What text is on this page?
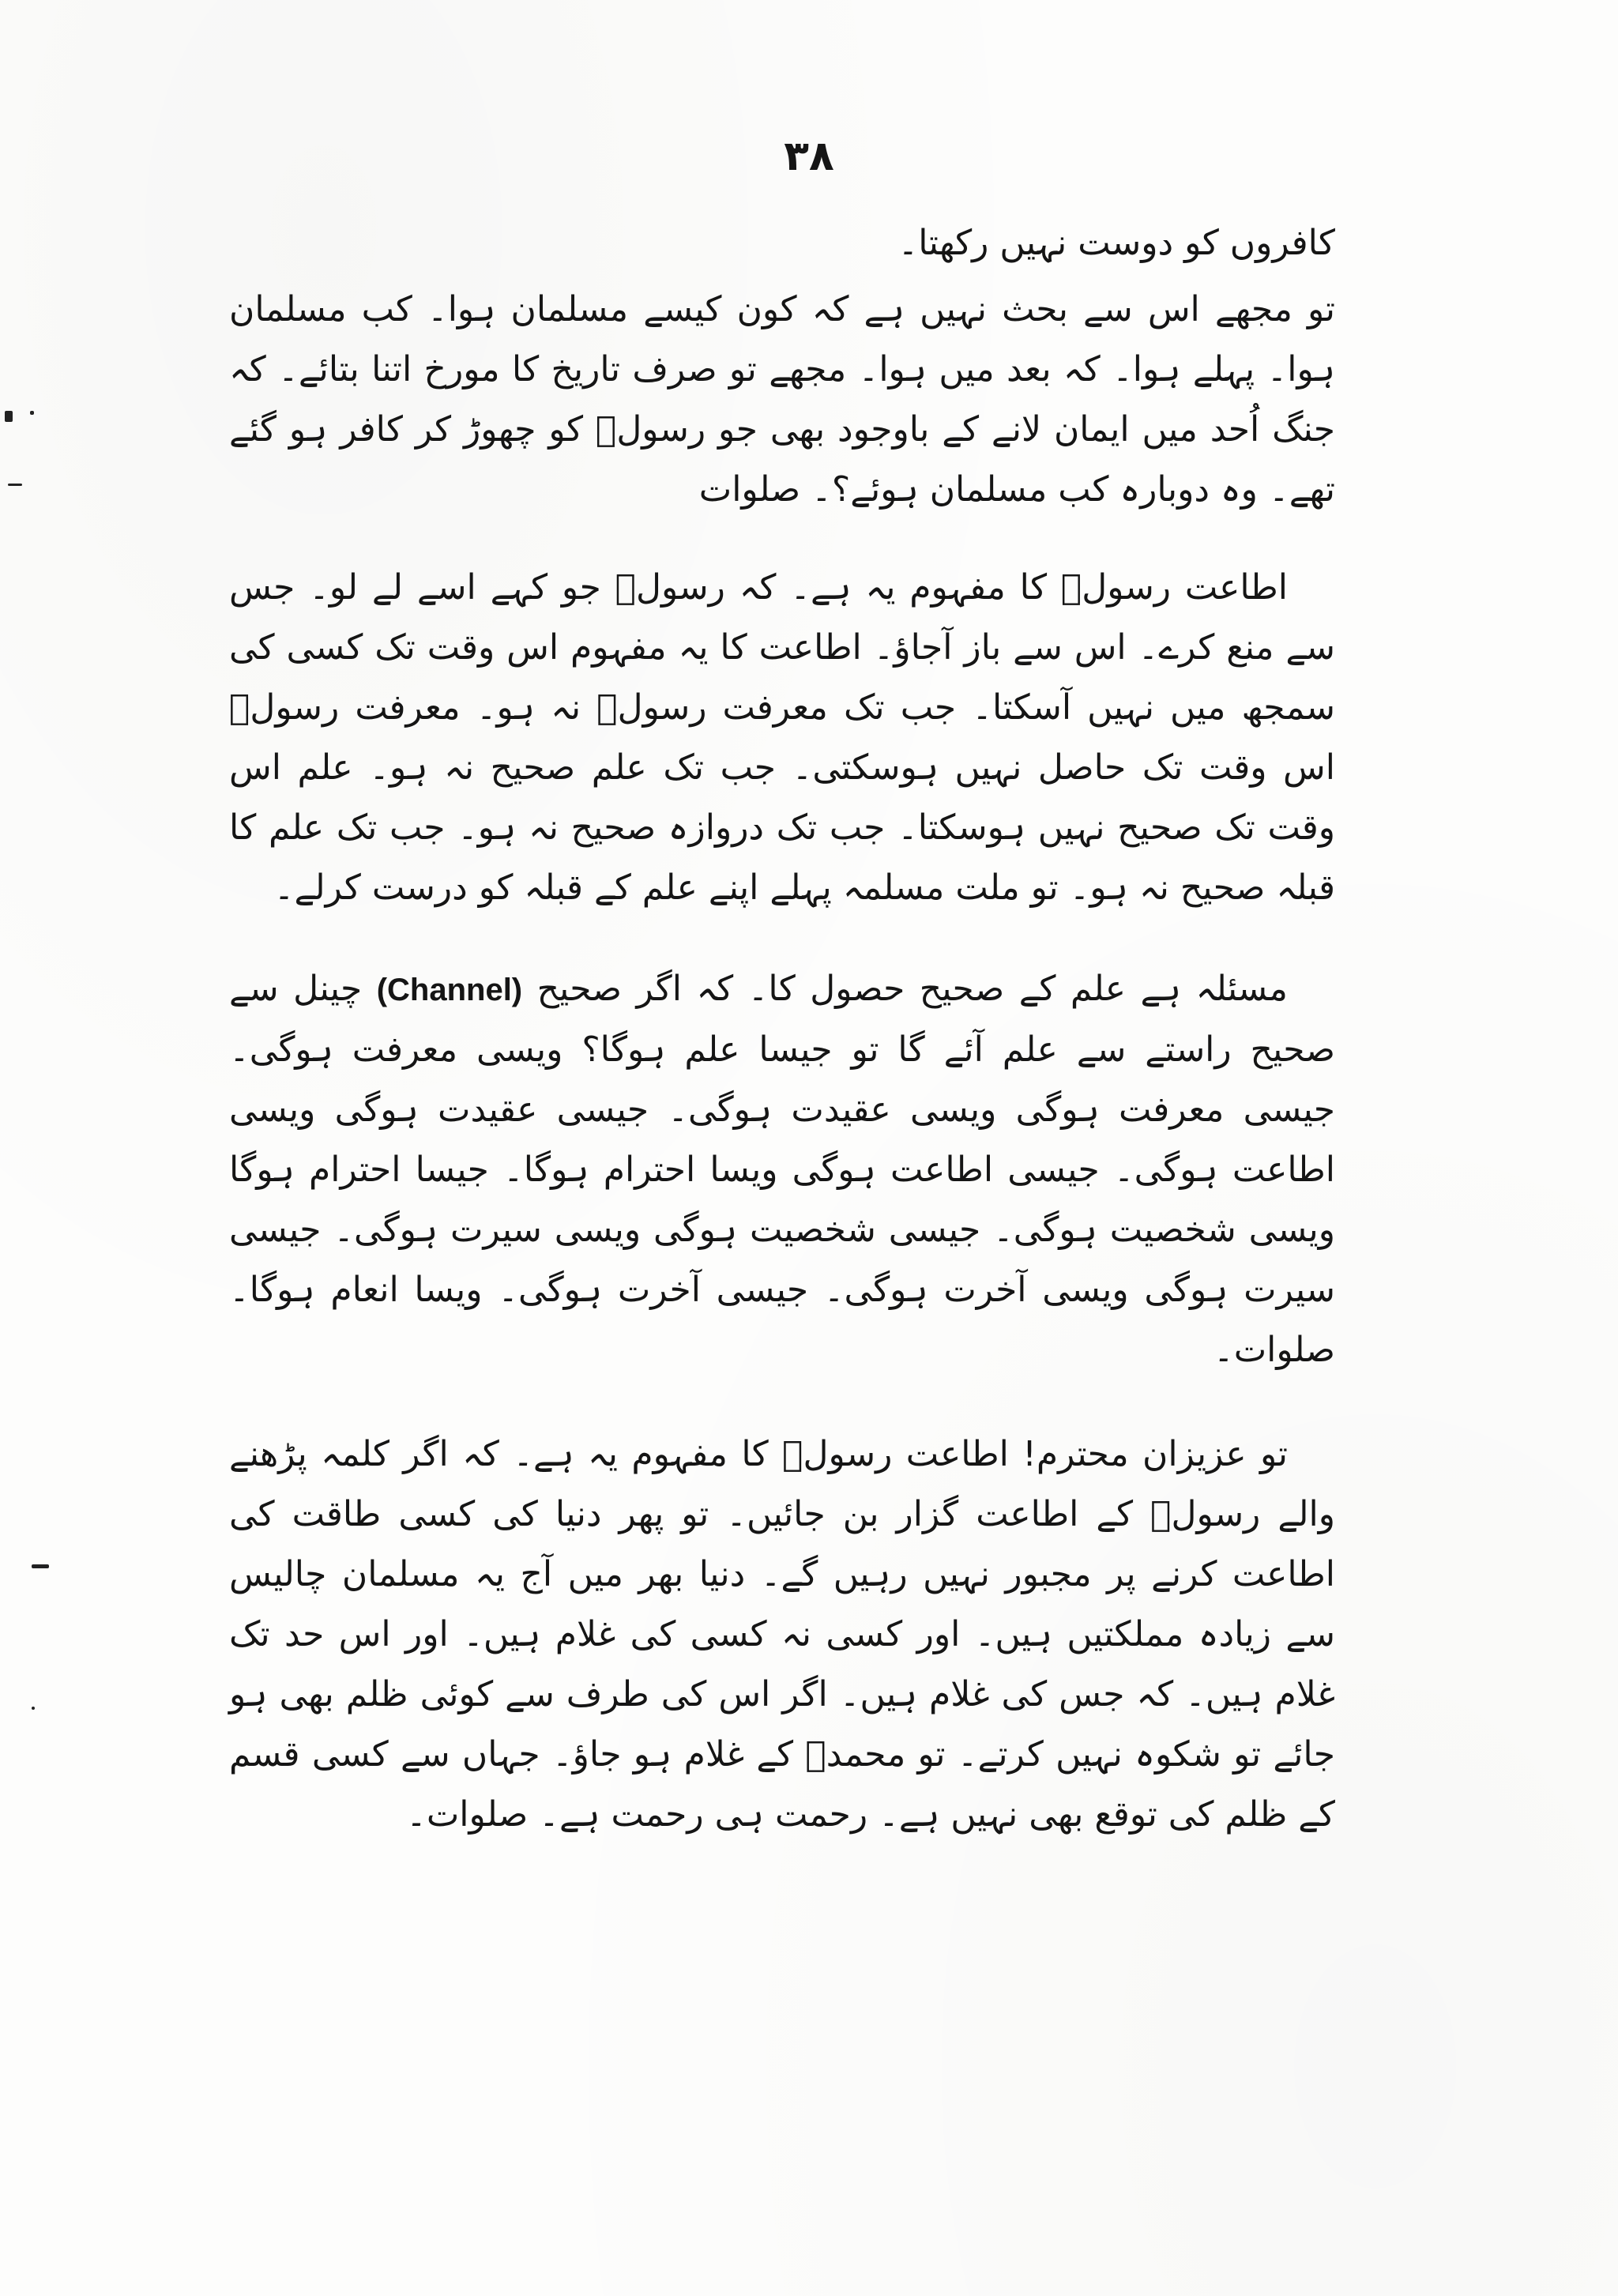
۳۸

کافروں کو دوست نہیں رکھتا۔

تو مجھے اس سے بحث نہیں ہے کہ کون کیسے مسلمان ہوا۔ کب مسلمان ہوا۔ پہلے ہوا۔ کہ بعد میں ہوا۔ مجھے تو صرف تاریخ کا مورخ اتنا بتائے۔ کہ جنگ اُحد میں ایمان لانے کے باوجود بھی جو رسولؐ کو چھوڑ کر کافر ہو گئے تھے۔ وہ دوبارہ کب مسلمان ہوئے؟۔ صلوات

اطاعت رسولؐ کا مفہوم یہ ہے۔ کہ رسولؐ جو کہے اسے لے لو۔ جس سے منع کرے۔ اس سے باز آجاؤ۔ اطاعت کا یہ مفہوم اس وقت تک کسی کی سمجھ میں نہیں آسکتا۔ جب تک معرفت رسولؐ نہ ہو۔ معرفت رسولؐ اس وقت تک حاصل نہیں ہوسکتی۔ جب تک علم صحیح نہ ہو۔ علم اس وقت تک صحیح نہیں ہوسکتا۔ جب تک دروازہ صحیح نہ ہو۔ جب تک علم کا قبلہ صحیح نہ ہو۔ تو ملت مسلمہ پہلے اپنے علم کے قبلہ کو درست کرلے۔

مسئلہ ہے علم کے صحیح حصول کا۔ کہ اگر صحیح (Channel) چینل سے صحیح راستے سے علم آئے گا تو جیسا علم ہوگا؟ ویسی معرفت ہوگی۔ جیسی معرفت ہوگی ویسی عقیدت ہوگی۔ جیسی عقیدت ہوگی ویسی اطاعت ہوگی۔ جیسی اطاعت ہوگی ویسا احترام ہوگا۔ جیسا احترام ہوگا ویسی شخصیت ہوگی۔ جیسی شخصیت ہوگی ویسی سیرت ہوگی۔ جیسی سیرت ہوگی ویسی آخرت ہوگی۔ جیسی آخرت ہوگی۔ ویسا انعام ہوگا۔ صلوات۔

تو عزیزان محترم! اطاعت رسولؐ کا مفہوم یہ ہے۔ کہ اگر کلمہ پڑھنے والے رسولؐ کے اطاعت گزار بن جائیں۔ تو پھر دنیا کی کسی طاقت کی اطاعت کرنے پر مجبور نہیں رہیں گے۔ دنیا بھر میں آج یہ مسلمان چالیس سے زیادہ مملکتیں ہیں۔ اور کسی نہ کسی کی غلام ہیں۔ اور اس حد تک غلام ہیں۔ کہ جس کی غلام ہیں۔ اگر اس کی طرف سے کوئی ظلم بھی ہو جائے تو شکوہ نہیں کرتے۔ تو محمدؐ کے غلام ہو جاؤ۔ جہاں سے کسی قسم کے ظلم کی توقع بھی نہیں ہے۔ رحمت ہی رحمت ہے۔ صلوات۔
